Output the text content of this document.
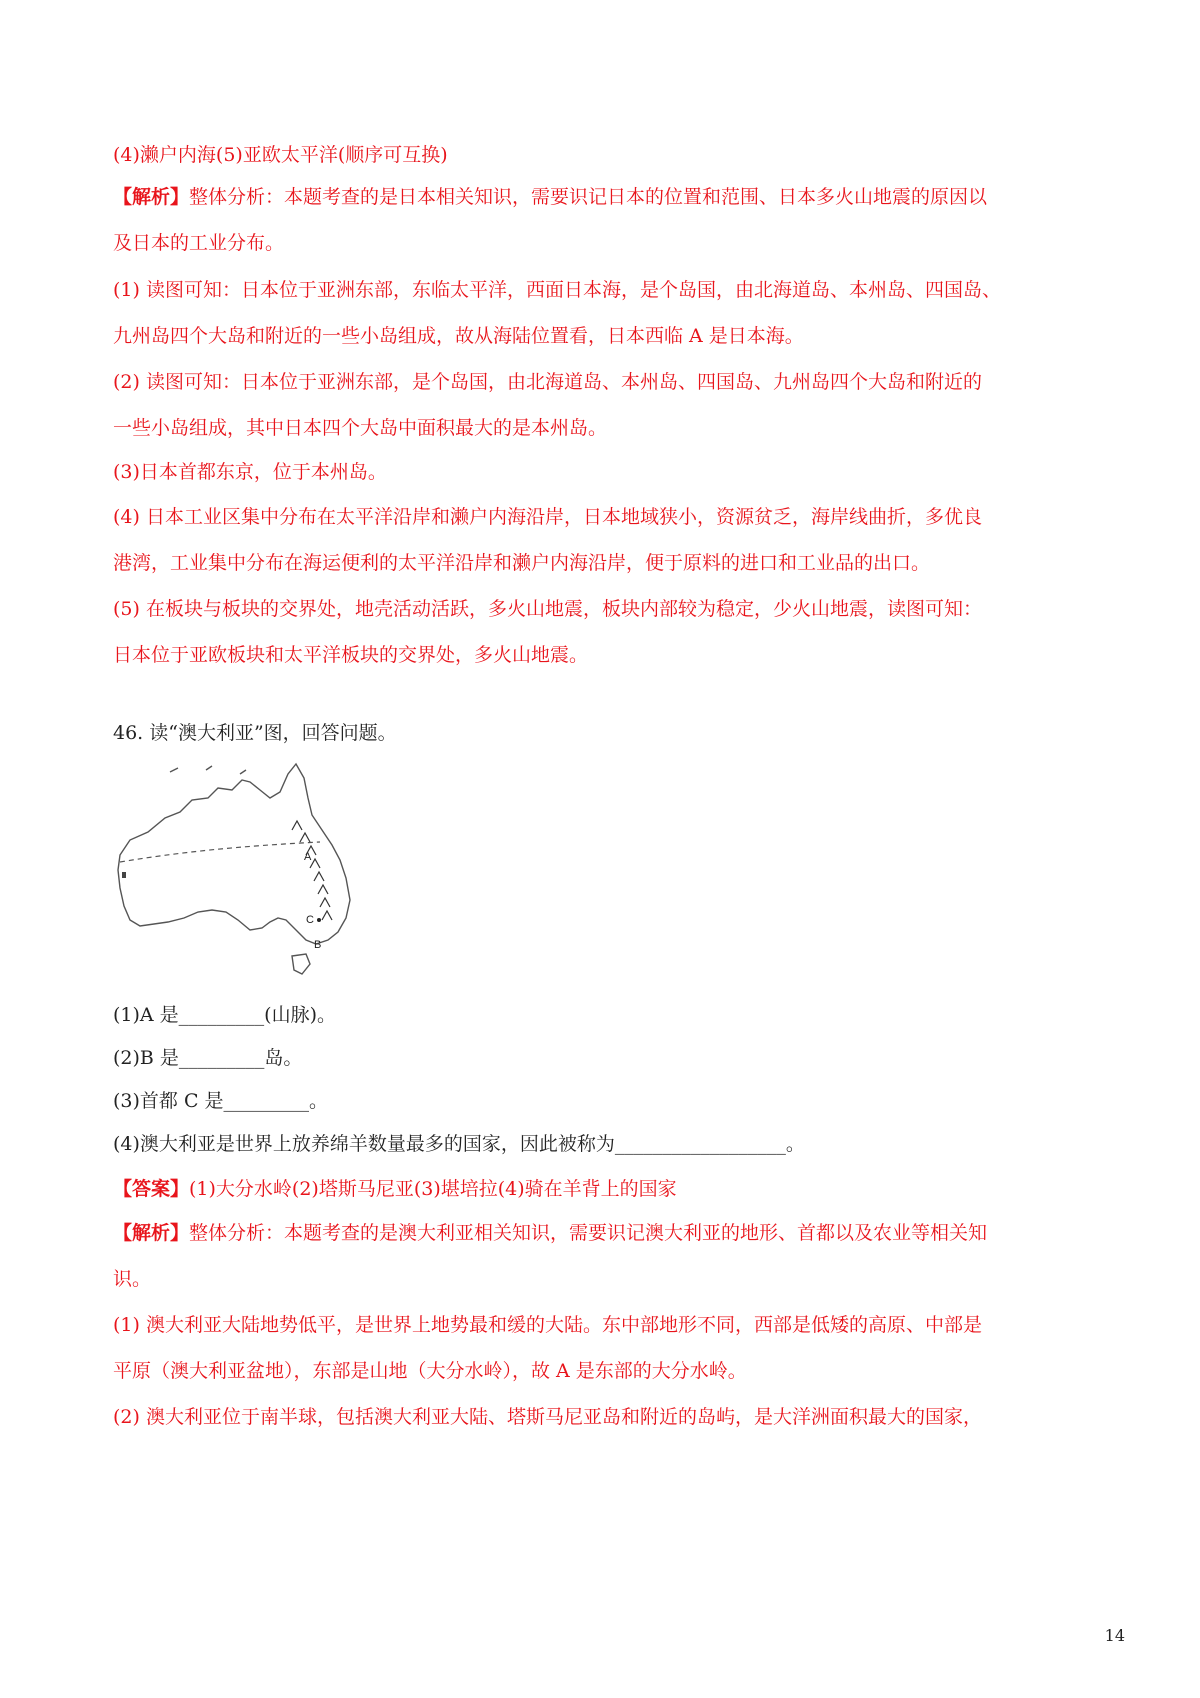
(4)濑户内海(5)亚欧太平洋(顺序可互换)
【解析】整体分析：本题考查的是日本相关知识，需要识记日本的位置和范围、日本多火山地震的原因以
及日本的工业分布。
(1) 读图可知：日本位于亚洲东部，东临太平洋，西面日本海，是个岛国，由北海道岛、本州岛、四国岛、
九州岛四个大岛和附近的一些小岛组成，故从海陆位置看，日本西临 A 是日本海。
(2) 读图可知：日本位于亚洲东部，是个岛国，由北海道岛、本州岛、四国岛、九州岛四个大岛和附近的
一些小岛组成，其中日本四个大岛中面积最大的是本州岛。
(3)日本首都东京，位于本州岛。
(4) 日本工业区集中分布在太平洋沿岸和濑户内海沿岸，日本地域狭小，资源贫乏，海岸线曲折，多优良
港湾，工业集中分布在海运便利的太平洋沿岸和濑户内海沿岸，便于原料的进口和工业品的出口。
(5) 在板块与板块的交界处，地壳活动活跃，多火山地震，板块内部较为稳定，少火山地震，读图可知：
日本位于亚欧板块和太平洋板块的交界处，多火山地震。
46. 读“澳大利亚”图，回答问题。
A
B
C
(1)A 是_________(山脉)。
(2)B 是_________岛。
(3)首都 C 是_________。
(4)澳大利亚是世界上放养绵羊数量最多的国家，因此被称为__________________。
【答案】(1)大分水岭(2)塔斯马尼亚(3)堪培拉(4)骑在羊背上的国家
【解析】整体分析：本题考查的是澳大利亚相关知识，需要识记澳大利亚的地形、首都以及农业等相关知
识。
(1) 澳大利亚大陆地势低平，是世界上地势最和缓的大陆。东中部地形不同，西部是低矮的高原、中部是
平原（澳大利亚盆地），东部是山地（大分水岭），故 A 是东部的大分水岭。
(2) 澳大利亚位于南半球，包括澳大利亚大陆、塔斯马尼亚岛和附近的岛屿，是大洋洲面积最大的国家，
14
